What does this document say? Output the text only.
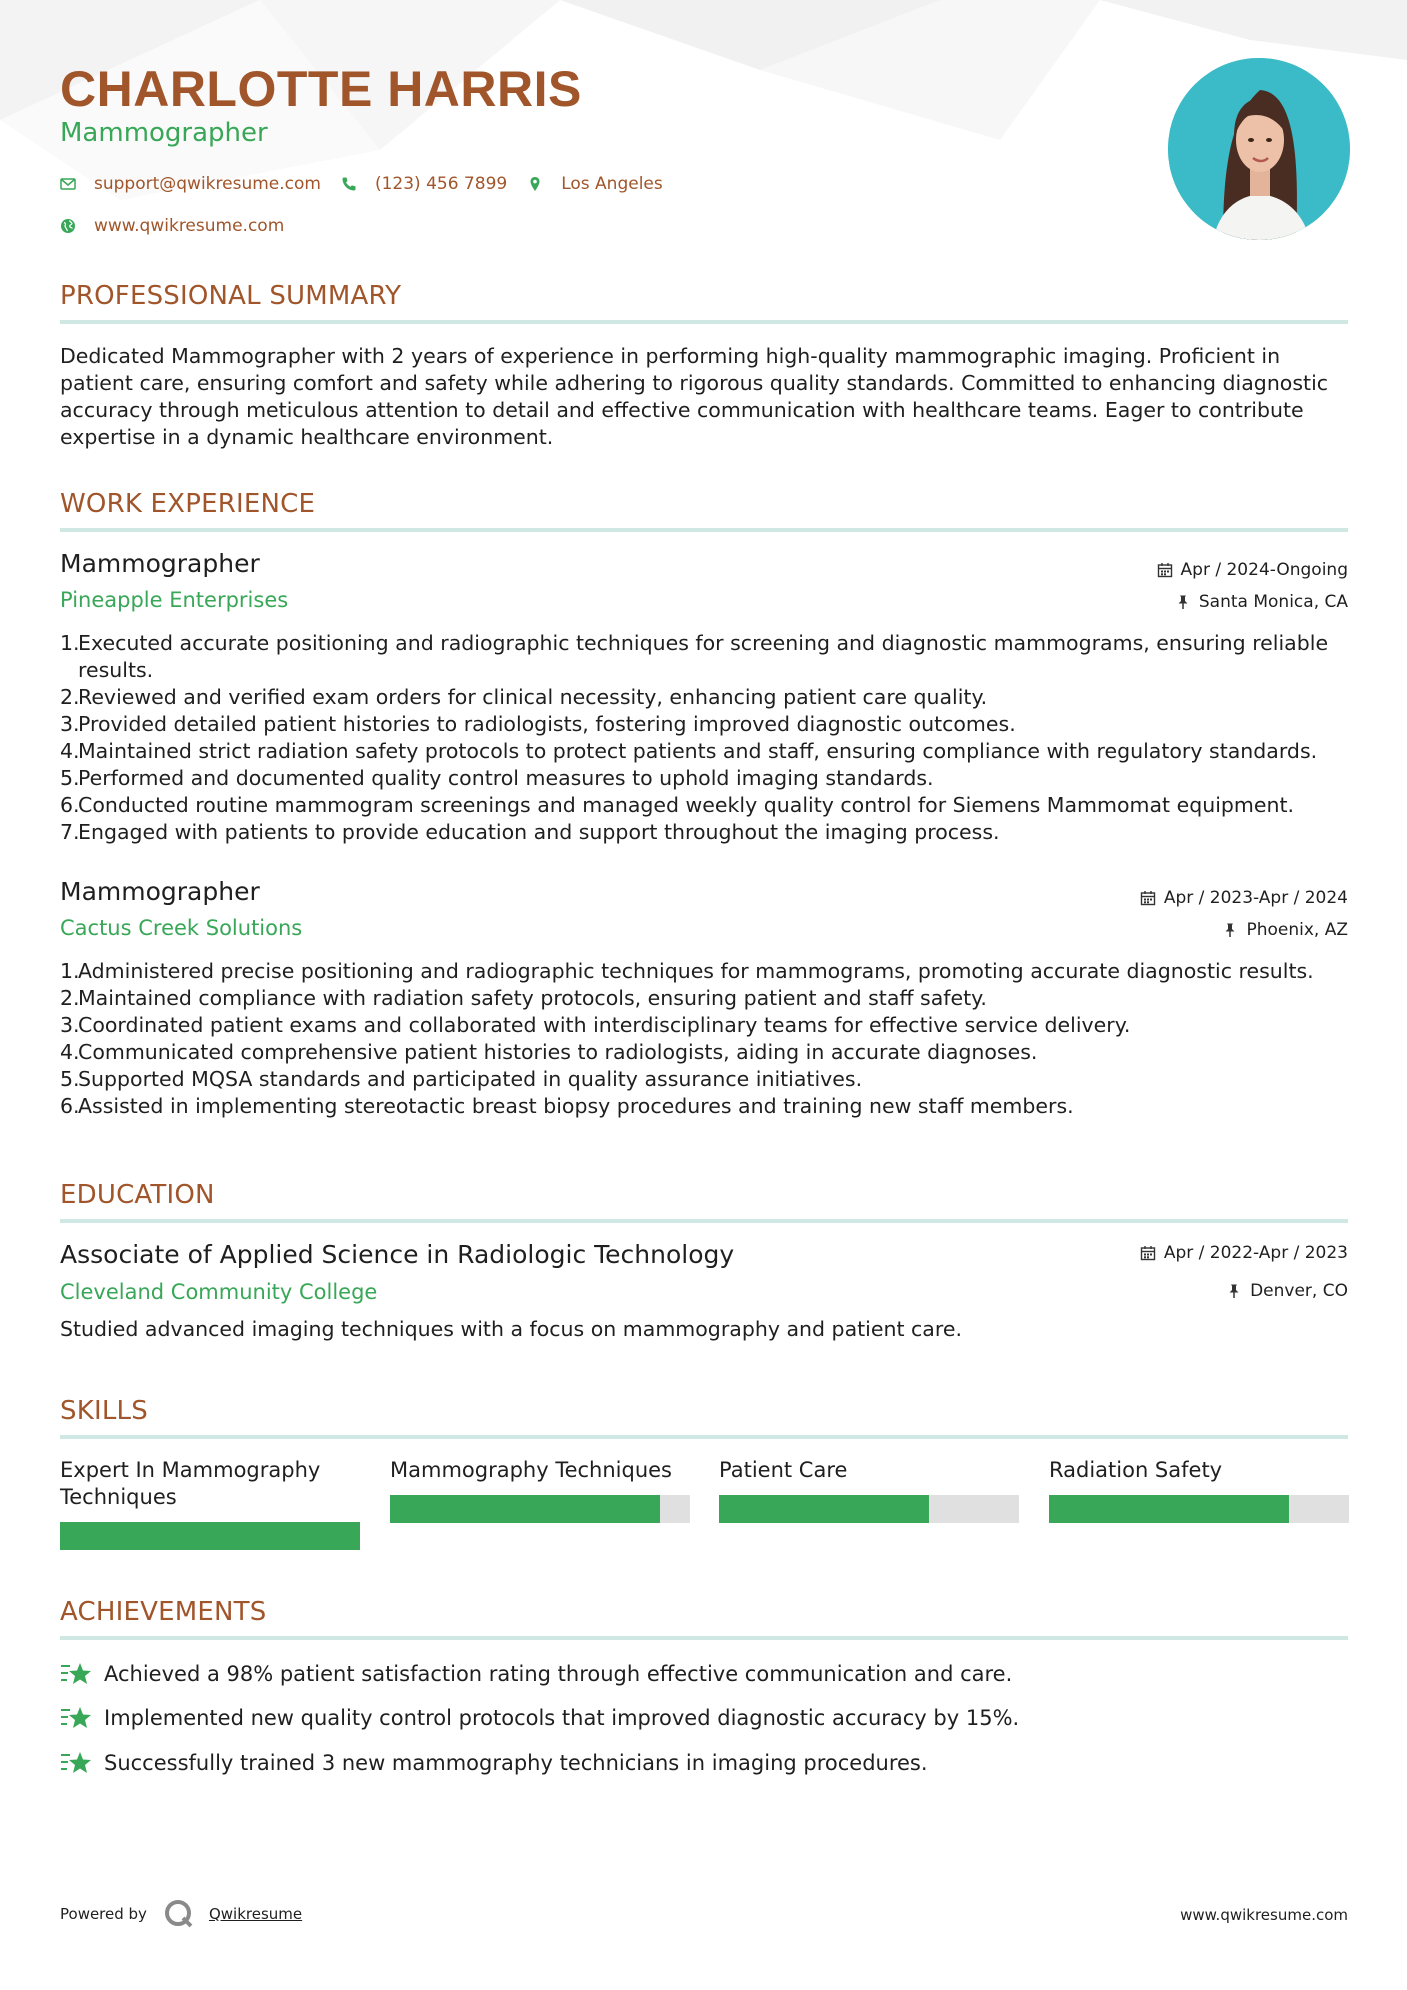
CHARLOTTE HARRIS
Mammographer
support@qwikresume.com	(123) 456 7899	Los Angeles
www.qwikresume.com
PROFESSIONAL SUMMARY
Dedicated Mammographer with 2 years of experience in performing high-quality mammographic imaging. Proficient in patient care, ensuring comfort and safety while adhering to rigorous quality standards. Committed to enhancing diagnostic accuracy through meticulous attention to detail and effective communication with healthcare teams. Eager to contribute expertise in a dynamic healthcare environment.
WORK EXPERIENCE
Mammographer
Pineapple Enterprises
Apr / 2024-Ongoing
Santa Monica, CA
1.
Executed accurate positioning and radiographic techniques for screening and diagnostic mammograms, ensuring reliable results.
2.
Reviewed and verified exam orders for clinical necessity, enhancing patient care quality.
3.
Provided detailed patient histories to radiologists, fostering improved diagnostic outcomes.
4.
Maintained strict radiation safety protocols to protect patients and staff, ensuring compliance with regulatory standards.
5.
Performed and documented quality control measures to uphold imaging standards.
6.
Conducted routine mammogram screenings and managed weekly quality control for Siemens Mammomat equipment.
7.
Engaged with patients to provide education and support throughout the imaging process.
Mammographer
Cactus Creek Solutions
Apr / 2023-Apr / 2024
Phoenix, AZ
1.
Administered precise positioning and radiographic techniques for mammograms, promoting accurate diagnostic results.
2.
Maintained compliance with radiation safety protocols, ensuring patient and staff safety.
3.
Coordinated patient exams and collaborated with interdisciplinary teams for effective service delivery.
4.
Communicated comprehensive patient histories to radiologists, aiding in accurate diagnoses.
5.
Supported MQSA standards and participated in quality assurance initiatives.
6.
Assisted in implementing stereotactic breast biopsy procedures and training new staff members.
EDUCATION
Associate of Applied Science in Radiologic Technology
Cleveland Community College
Apr / 2022-Apr / 2023
Denver, CO
Studied advanced imaging techniques with a focus on mammography and patient care.
SKILLS
Expert In Mammography Techniques
Mammography Techniques	Patient Care	Radiation Safety
ACHIEVEMENTS
Achieved a 98% patient satisfaction rating through effective communication and care.
Implemented new quality control protocols that improved diagnostic accuracy by 15%.
Successfully trained 3 new mammography technicians in imaging procedures.
Powered by	Qwikresume	www.qwikresume.com
